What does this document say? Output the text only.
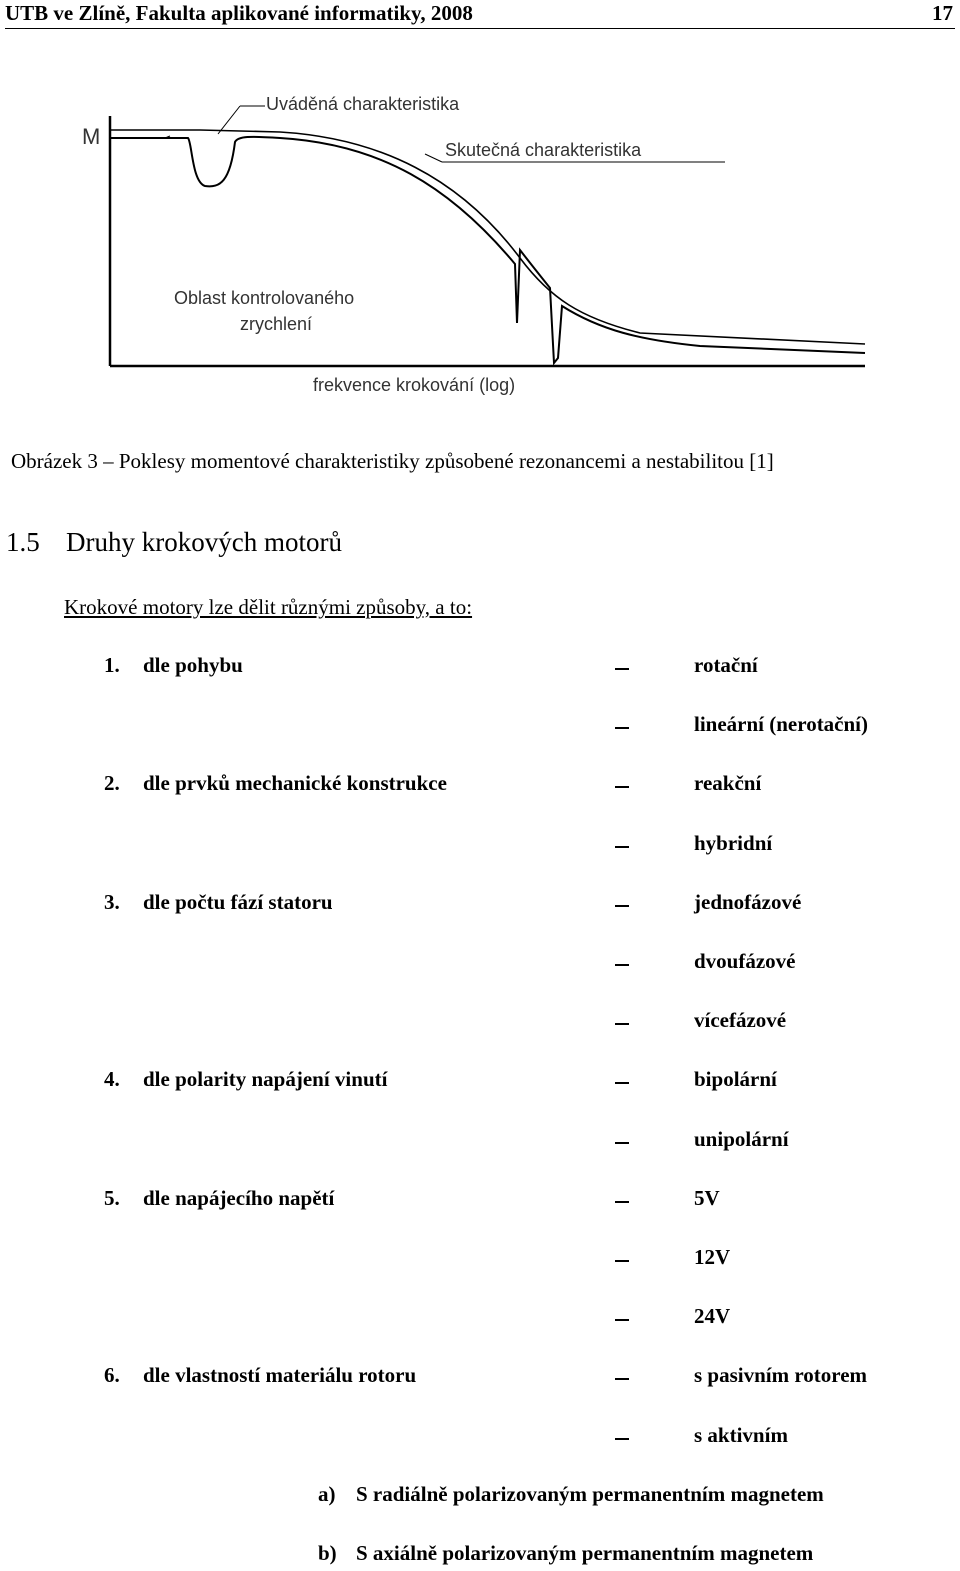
UTB ve Zlíně, Fakulta aplikované informatiky, 2008	17
M
Uváděná charakteristika
Skutečná charakteristika
Oblast kontrolovaného
zrychlení
frekvence krokování (log)
Obrázek 3 – Poklesy momentové charakteristiky způsobené rezonancemi a nestabilitou [1]
1.5 Druhy krokových motorů
Krokové motory lze dělit různými způsoby, a to:
1. dle pohybu	rotační
lineární (nerotační)
2. dle prvků mechanické konstrukce	reakční
hybridní
3. dle počtu fází statoru	jednofázové
dvoufázové
vícefázové
4. dle polarity napájení vinutí	bipolární
unipolární
5. dle napájecího napětí	5V
12V
24V
6. dle vlastností materiálu rotoru	s pasivním rotorem
s aktivním
a) S radiálně polarizovaným permanentním magnetem
b) S axiálně polarizovaným permanentním magnetem
